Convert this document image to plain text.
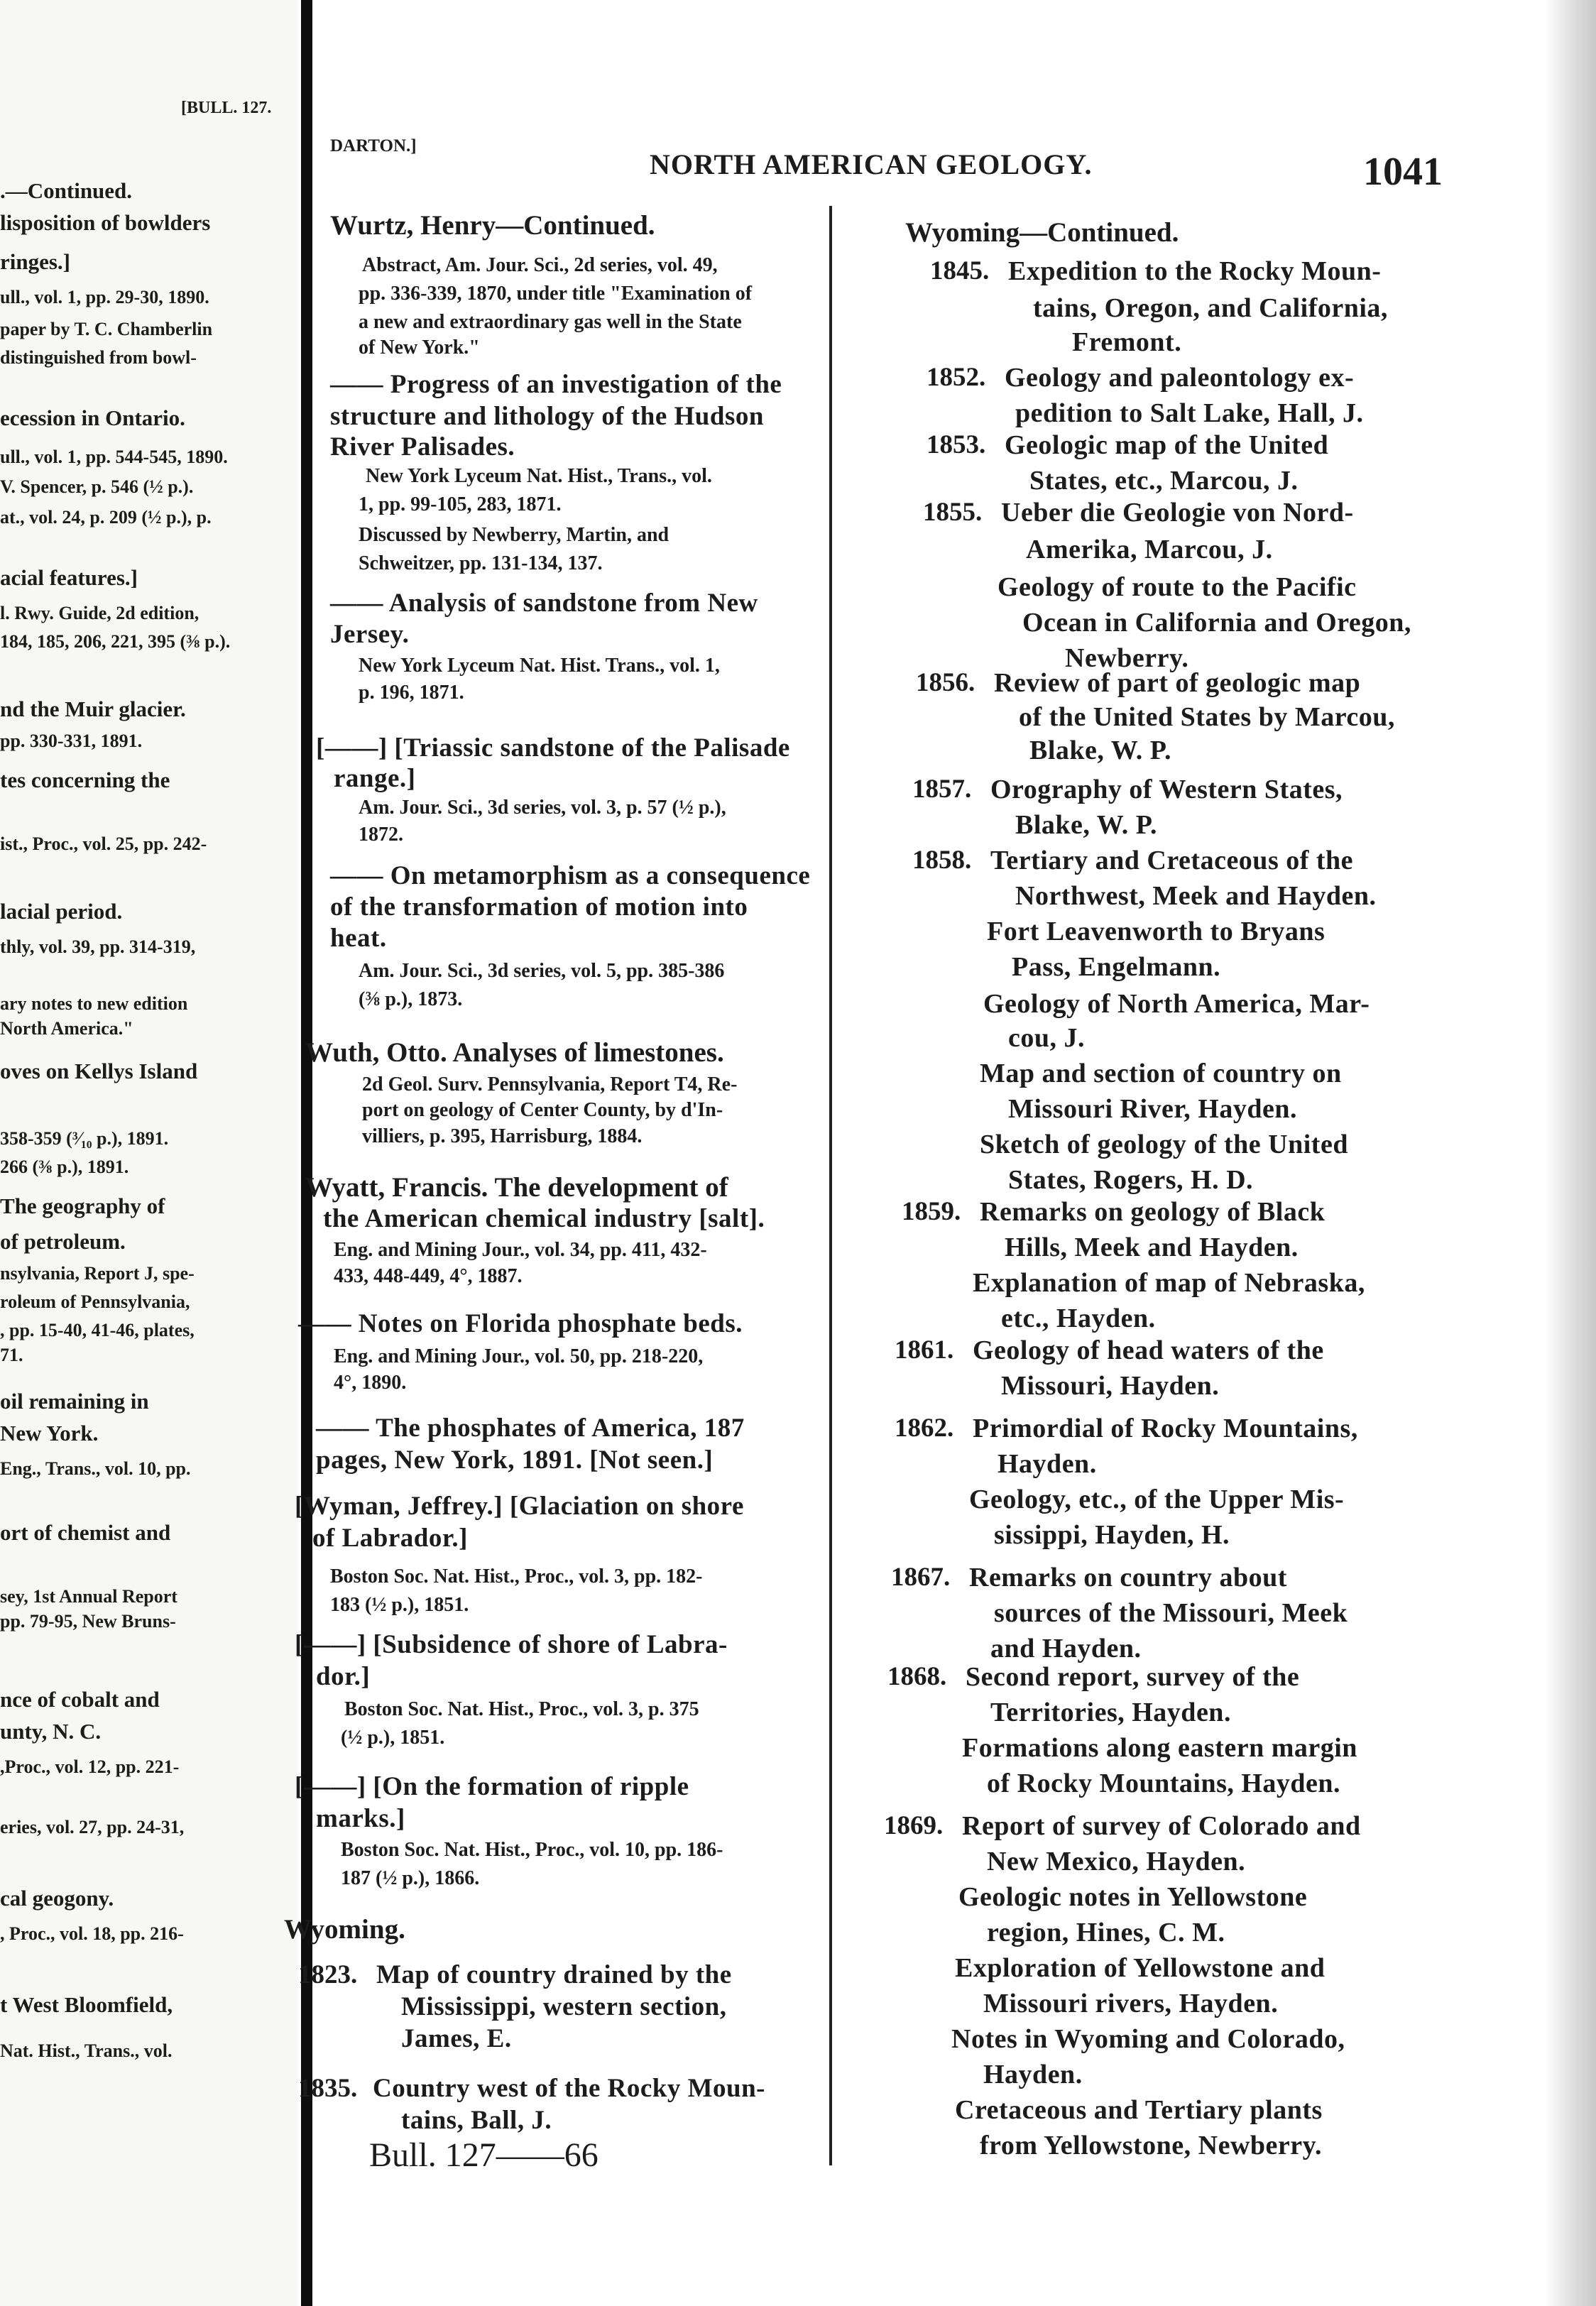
[BULL. 127.
.—Continued.
lisposition of bowlders
ringes.]
ull., vol. 1, pp. 29-30, 1890.
paper by T. C. Chamberlin
distinguished from bowl-
ecession in Ontario.
ull., vol. 1, pp. 544-545, 1890.
V. Spencer, p. 546 (½ p.).
at., vol. 24, p. 209 (½ p.), p.
acial features.]
l. Rwy. Guide, 2d edition,
184, 185, 206, 221, 395 (⅜ p.).
nd the Muir glacier.
pp. 330-331, 1891.
tes concerning the
ist., Proc., vol. 25, pp. 242-
lacial period.
thly, vol. 39, pp. 314-319,
ary notes to new edition
North America."
oves on Kellys Island
358-359 (³⁄₁₀ p.), 1891.
266 (⅜ p.), 1891.
The geography of
of petroleum.
nsylvania, Report J, spe-
roleum of Pennsylvania,
, pp. 15-40, 41-46, plates,
71.
oil remaining in
New York.
Eng., Trans., vol. 10, pp.
ort of chemist and
sey, 1st Annual Report
pp. 79-95, New Bruns-
nce of cobalt and
unty, N. C.
,Proc., vol. 12, pp. 221-
eries, vol. 27, pp. 24-31,
cal geogony.
, Proc., vol. 18, pp. 216-
t West Bloomfield,
Nat. Hist., Trans., vol.
DARTON.]
NORTH AMERICAN GEOLOGY.	1041
Wurtz, Henry—Continued.
Abstract, Am. Jour. Sci., 2d series, vol. 49,
pp. 336-339, 1870, under title "Examination of
a new and extraordinary gas well in the State
of New York."
—— Progress of an investigation of the
structure and lithology of the Hudson
River Palisades.
New York Lyceum Nat. Hist., Trans., vol.
1, pp. 99-105, 283, 1871.
Discussed by Newberry, Martin, and
Schweitzer, pp. 131-134, 137.
—— Analysis of sandstone from New
Jersey.
New York Lyceum Nat. Hist. Trans., vol. 1,
p. 196, 1871.
[——] [Triassic sandstone of the Palisade
range.]
Am. Jour. Sci., 3d series, vol. 3, p. 57 (½ p.),
1872.
—— On metamorphism as a consequence
of the transformation of motion into
heat.
Am. Jour. Sci., 3d series, vol. 5, pp. 385-386
(⅜ p.), 1873.
Wuth, Otto. Analyses of limestones.
2d Geol. Surv. Pennsylvania, Report T4, Re-
port on geology of Center County, by d'In-
villiers, p. 395, Harrisburg, 1884.
Wyatt, Francis. The development of
the American chemical industry [salt].
Eng. and Mining Jour., vol. 34, pp. 411, 432-
433, 448-449, 4°, 1887.
—— Notes on Florida phosphate beds.
Eng. and Mining Jour., vol. 50, pp. 218-220,
4°, 1890.
—— The phosphates of America, 187
pages, New York, 1891. [Not seen.]
[Wyman, Jeffrey.] [Glaciation on shore
of Labrador.]
Boston Soc. Nat. Hist., Proc., vol. 3, pp. 182-
183 (½ p.), 1851.
[——] [Subsidence of shore of Labra-
dor.]
Boston Soc. Nat. Hist., Proc., vol. 3, p. 375
(½ p.), 1851.
[——] [On the formation of ripple
marks.]
Boston Soc. Nat. Hist., Proc., vol. 10, pp. 186-
187 (½ p.), 1866.
Wyoming.
1823. Map of country drained by the
Mississippi, western section,
James, E.
1835. Country west of the Rocky Moun-
tains, Ball, J.
Wyoming—Continued.
1845. Expedition to the Rocky Moun-
tains, Oregon, and California,
Fremont.
1852. Geology and paleontology ex-
pedition to Salt Lake, Hall, J.
1853. Geologic map of the United
States, etc., Marcou, J.
1855. Ueber die Geologie von Nord-
Amerika, Marcou, J.
Geology of route to the Pacific
Ocean in California and Oregon,
Newberry.
1856. Review of part of geologic map
of the United States by Marcou,
Blake, W. P.
1857. Orography of Western States,
Blake, W. P.
1858. Tertiary and Cretaceous of the
Northwest, Meek and Hayden.
Fort Leavenworth to Bryans
Pass, Engelmann.
Geology of North America, Mar-
cou, J.
Map and section of country on
Missouri River, Hayden.
Sketch of geology of the United
States, Rogers, H. D.
1859. Remarks on geology of Black
Hills, Meek and Hayden.
Explanation of map of Nebraska,
etc., Hayden.
1861. Geology of head waters of the
Missouri, Hayden.
1862. Primordial of Rocky Mountains,
Hayden.
Geology, etc., of the Upper Mis-
sissippi, Hayden, H.
1867. Remarks on country about
sources of the Missouri, Meek
and Hayden.
1868. Second report, survey of the
Territories, Hayden.
Formations along eastern margin
of Rocky Mountains, Hayden.
1869. Report of survey of Colorado and
New Mexico, Hayden.
Geologic notes in Yellowstone
region, Hines, C. M.
Exploration of Yellowstone and
Missouri rivers, Hayden.
Notes in Wyoming and Colorado,
Hayden.
Cretaceous and Tertiary plants
from Yellowstone, Newberry.
Bull. 127——66
